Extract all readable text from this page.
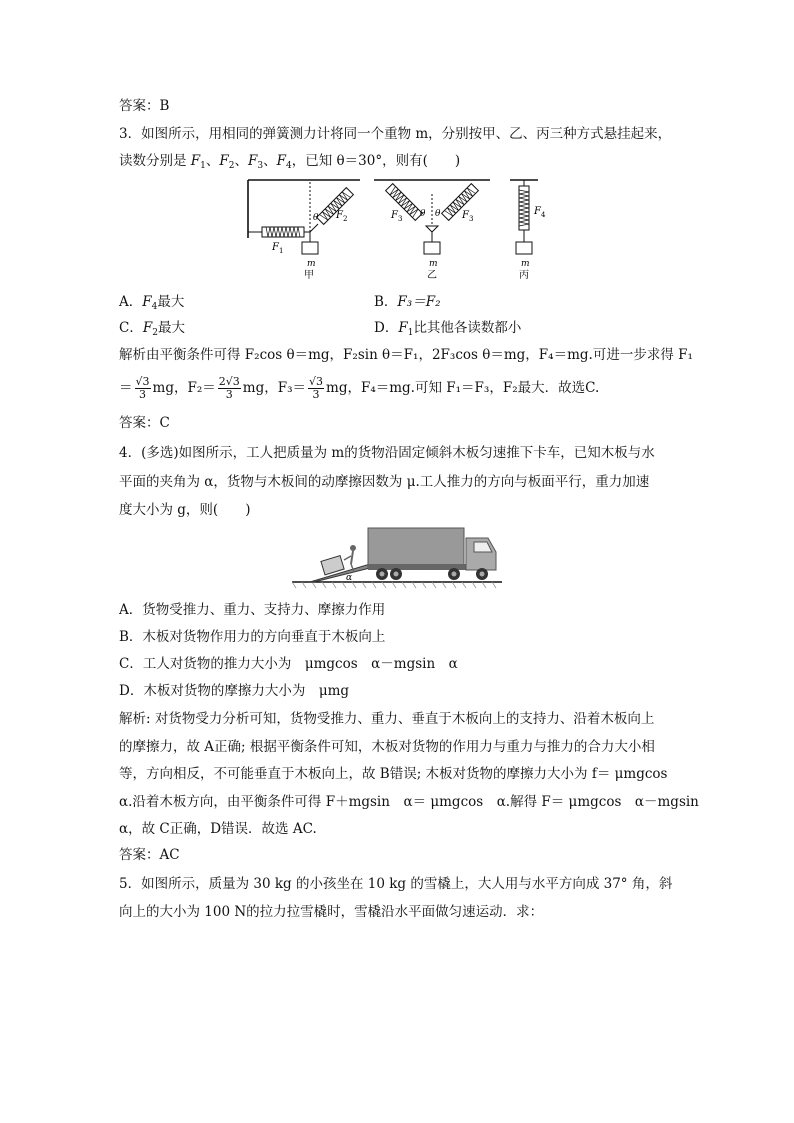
答案：B
3．如图所示，用相同的弹簧测力计将同一个重物 m，分别按甲、乙、丙三种方式悬挂起来，
读数分别是 $F_1$、$F_2$、$F_3$、$F_4$，已知 θ＝30°，则有(　　)
θ F 2
F 1
m
甲
θ θ
F 3	F 3
m
乙
F 4
m
丙
A．$F_4$最大	B．F₃＝F₂
C．$F_2$最大	D．$F_1$比其他各读数都小
解析由平衡条件可得 F₂cos θ＝mg，F₂sin θ＝F₁，2F₃cos θ＝mg，F₄＝mg.可进一步求得 F₁
＝ $\frac{√3}{3}$ mg，$F_2= \frac{2√3}{3}$ mg，$F_3= \frac{√3}{3}$ mg，F₄＝mg.可知 F₁＝F₃，F₂最大．故选C.
答案：C
4．(多选)如图所示，工人把质量为 m的货物沿固定倾斜木板匀速推下卡车，已知木板与水
平面的夹角为 α，货物与木板间的动摩擦因数为 μ.工人推力的方向与板面平行，重力加速
度大小为 g，则(　　)
α
A．货物受推力、重力、支持力、摩擦力作用
B．木板对货物作用力的方向垂直于木板向上
C．工人对货物的推力大小为　μmgcos　α－mgsin　α
D．木板对货物的摩擦力大小为　μmg
解析: 对货物受力分析可知，货物受推力、重力、垂直于木板向上的支持力、沿着木板向上
的摩擦力，故 A正确; 根据平衡条件可知，木板对货物的作用力与重力与推力的合力大小相
等，方向相反，不可能垂直于木板向上，故 B错误; 木板对货物的摩擦力大小为 f＝ μmgcos
α.沿着木板方向，由平衡条件可得 F＋mgsin　α＝ μmgcos　α.解得 F＝ μmgcos　α－mgsin
α，故 C正确，D错误．故选 AC.
答案：AC
5．如图所示，质量为 30 kg 的小孩坐在 10 kg 的雪橇上，大人用与水平方向成 37° 角，斜
向上的大小为 100 N的拉力拉雪橇时，雪橇沿水平面做匀速运动．求：
